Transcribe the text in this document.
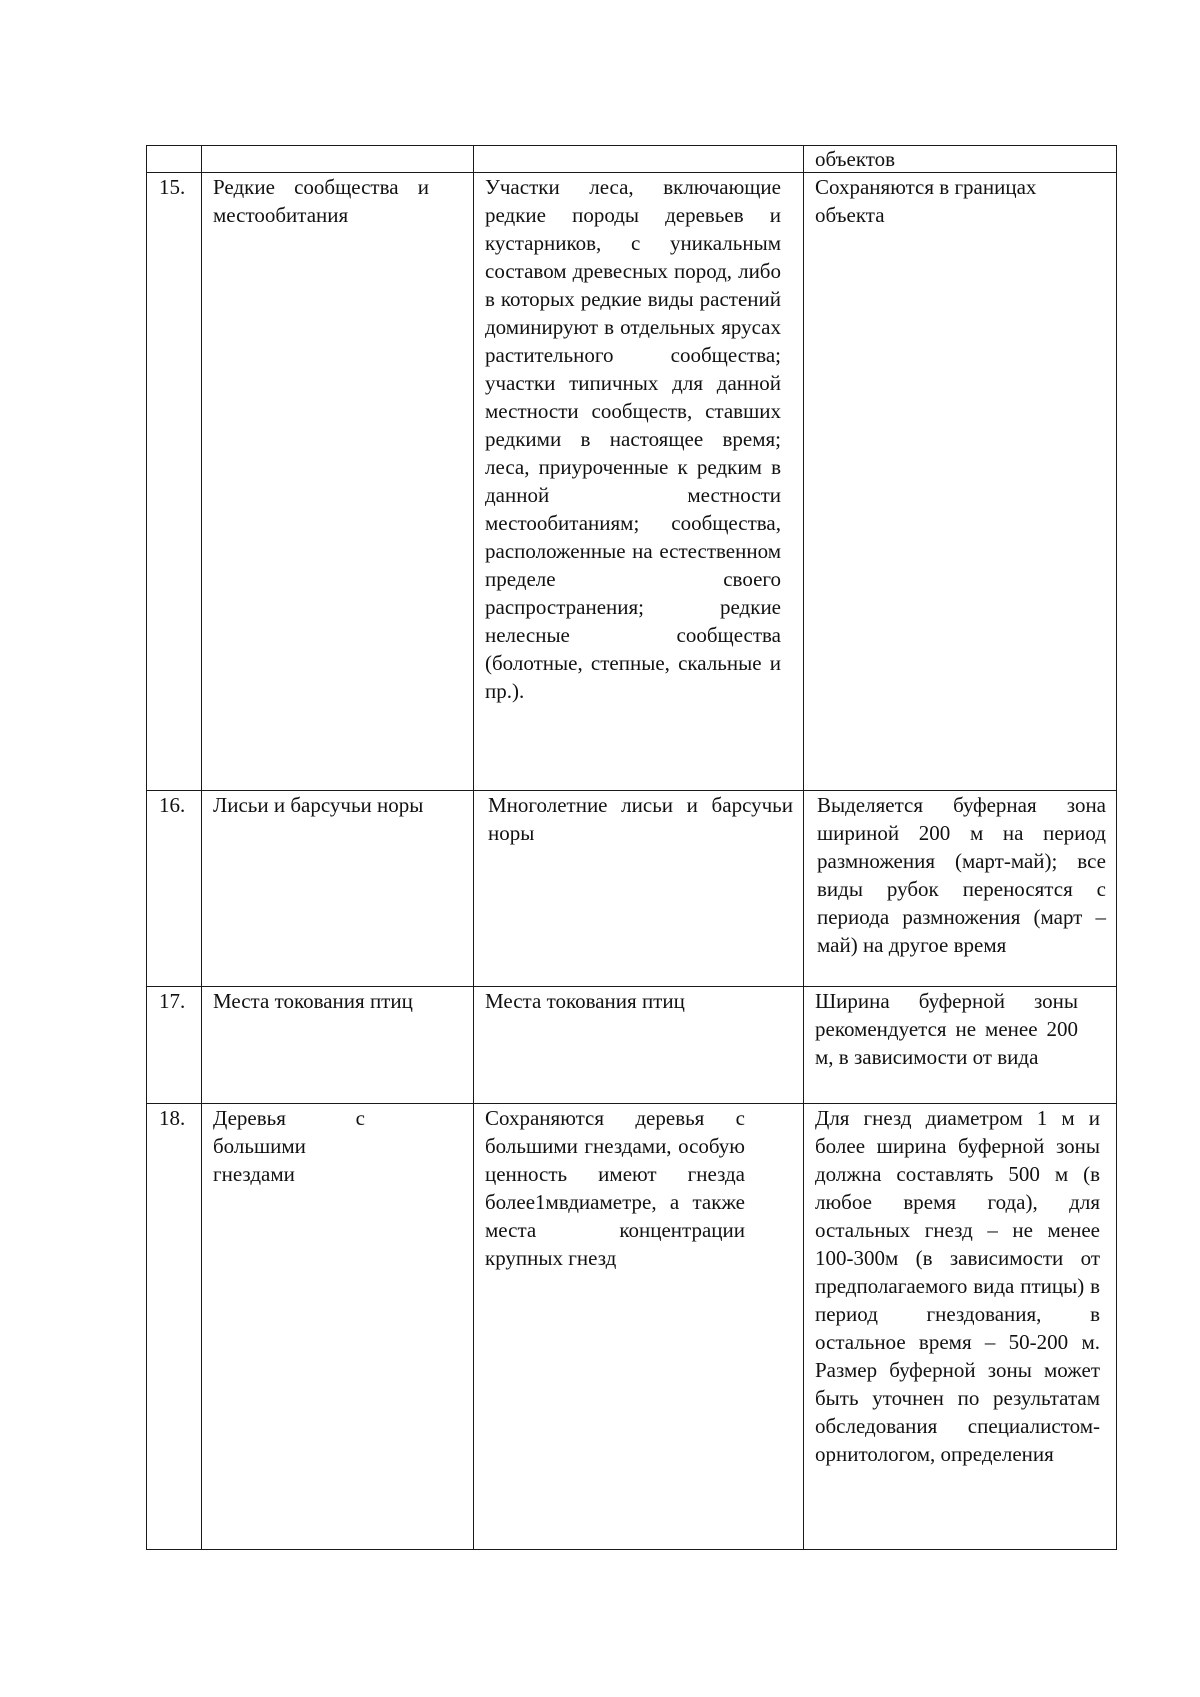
			объектов

15.	Редкие сообщества и местообитания	Участки леса, включающие редкие породы деревьев и кустарников, с уникальным составом древесных пород, либо в которых редкие виды растений доминируют в отдельных ярусах растительного сообщества; участки типичных для данной местности сообществ, ставших редкими в настоящее время; леса, приуроченные к редким в данной местности местообитаниям; сообщества, расположенные на естественном пределе своего распространения; редкие нелесные сообщества (болотные, степные, скальные и пр.).	Сохраняются в границах объекта

16.	Лисьи и барсучьи норы	Многолетние лисьи и барсучьи норы	Выделяется буферная зона шириной 200 м на период размножения (март-май); все виды рубок переносятся с периода размножения (март – май) на другое время

17.	Места токования птиц	Места токования птиц	Ширина буферной зоны рекомендуется не менее 200 м, в зависимости от вида

18.	Деревья с большими гнездами	Сохраняются деревья с большими гнездами, особую ценность имеют гнезда более1мвдиаметре, а также места концентрации крупных гнезд	Для гнезд диаметром 1 м и более ширина буферной зоны должна составлять 500 м (в любое время года), для остальных гнезд – не менее 100-300м (в зависимости от предполагаемого вида птицы) в период гнездования, в остальное время – 50-200 м. Размер буферной зоны может быть уточнен по результатам обследования специалистом-орнитологом, определения
